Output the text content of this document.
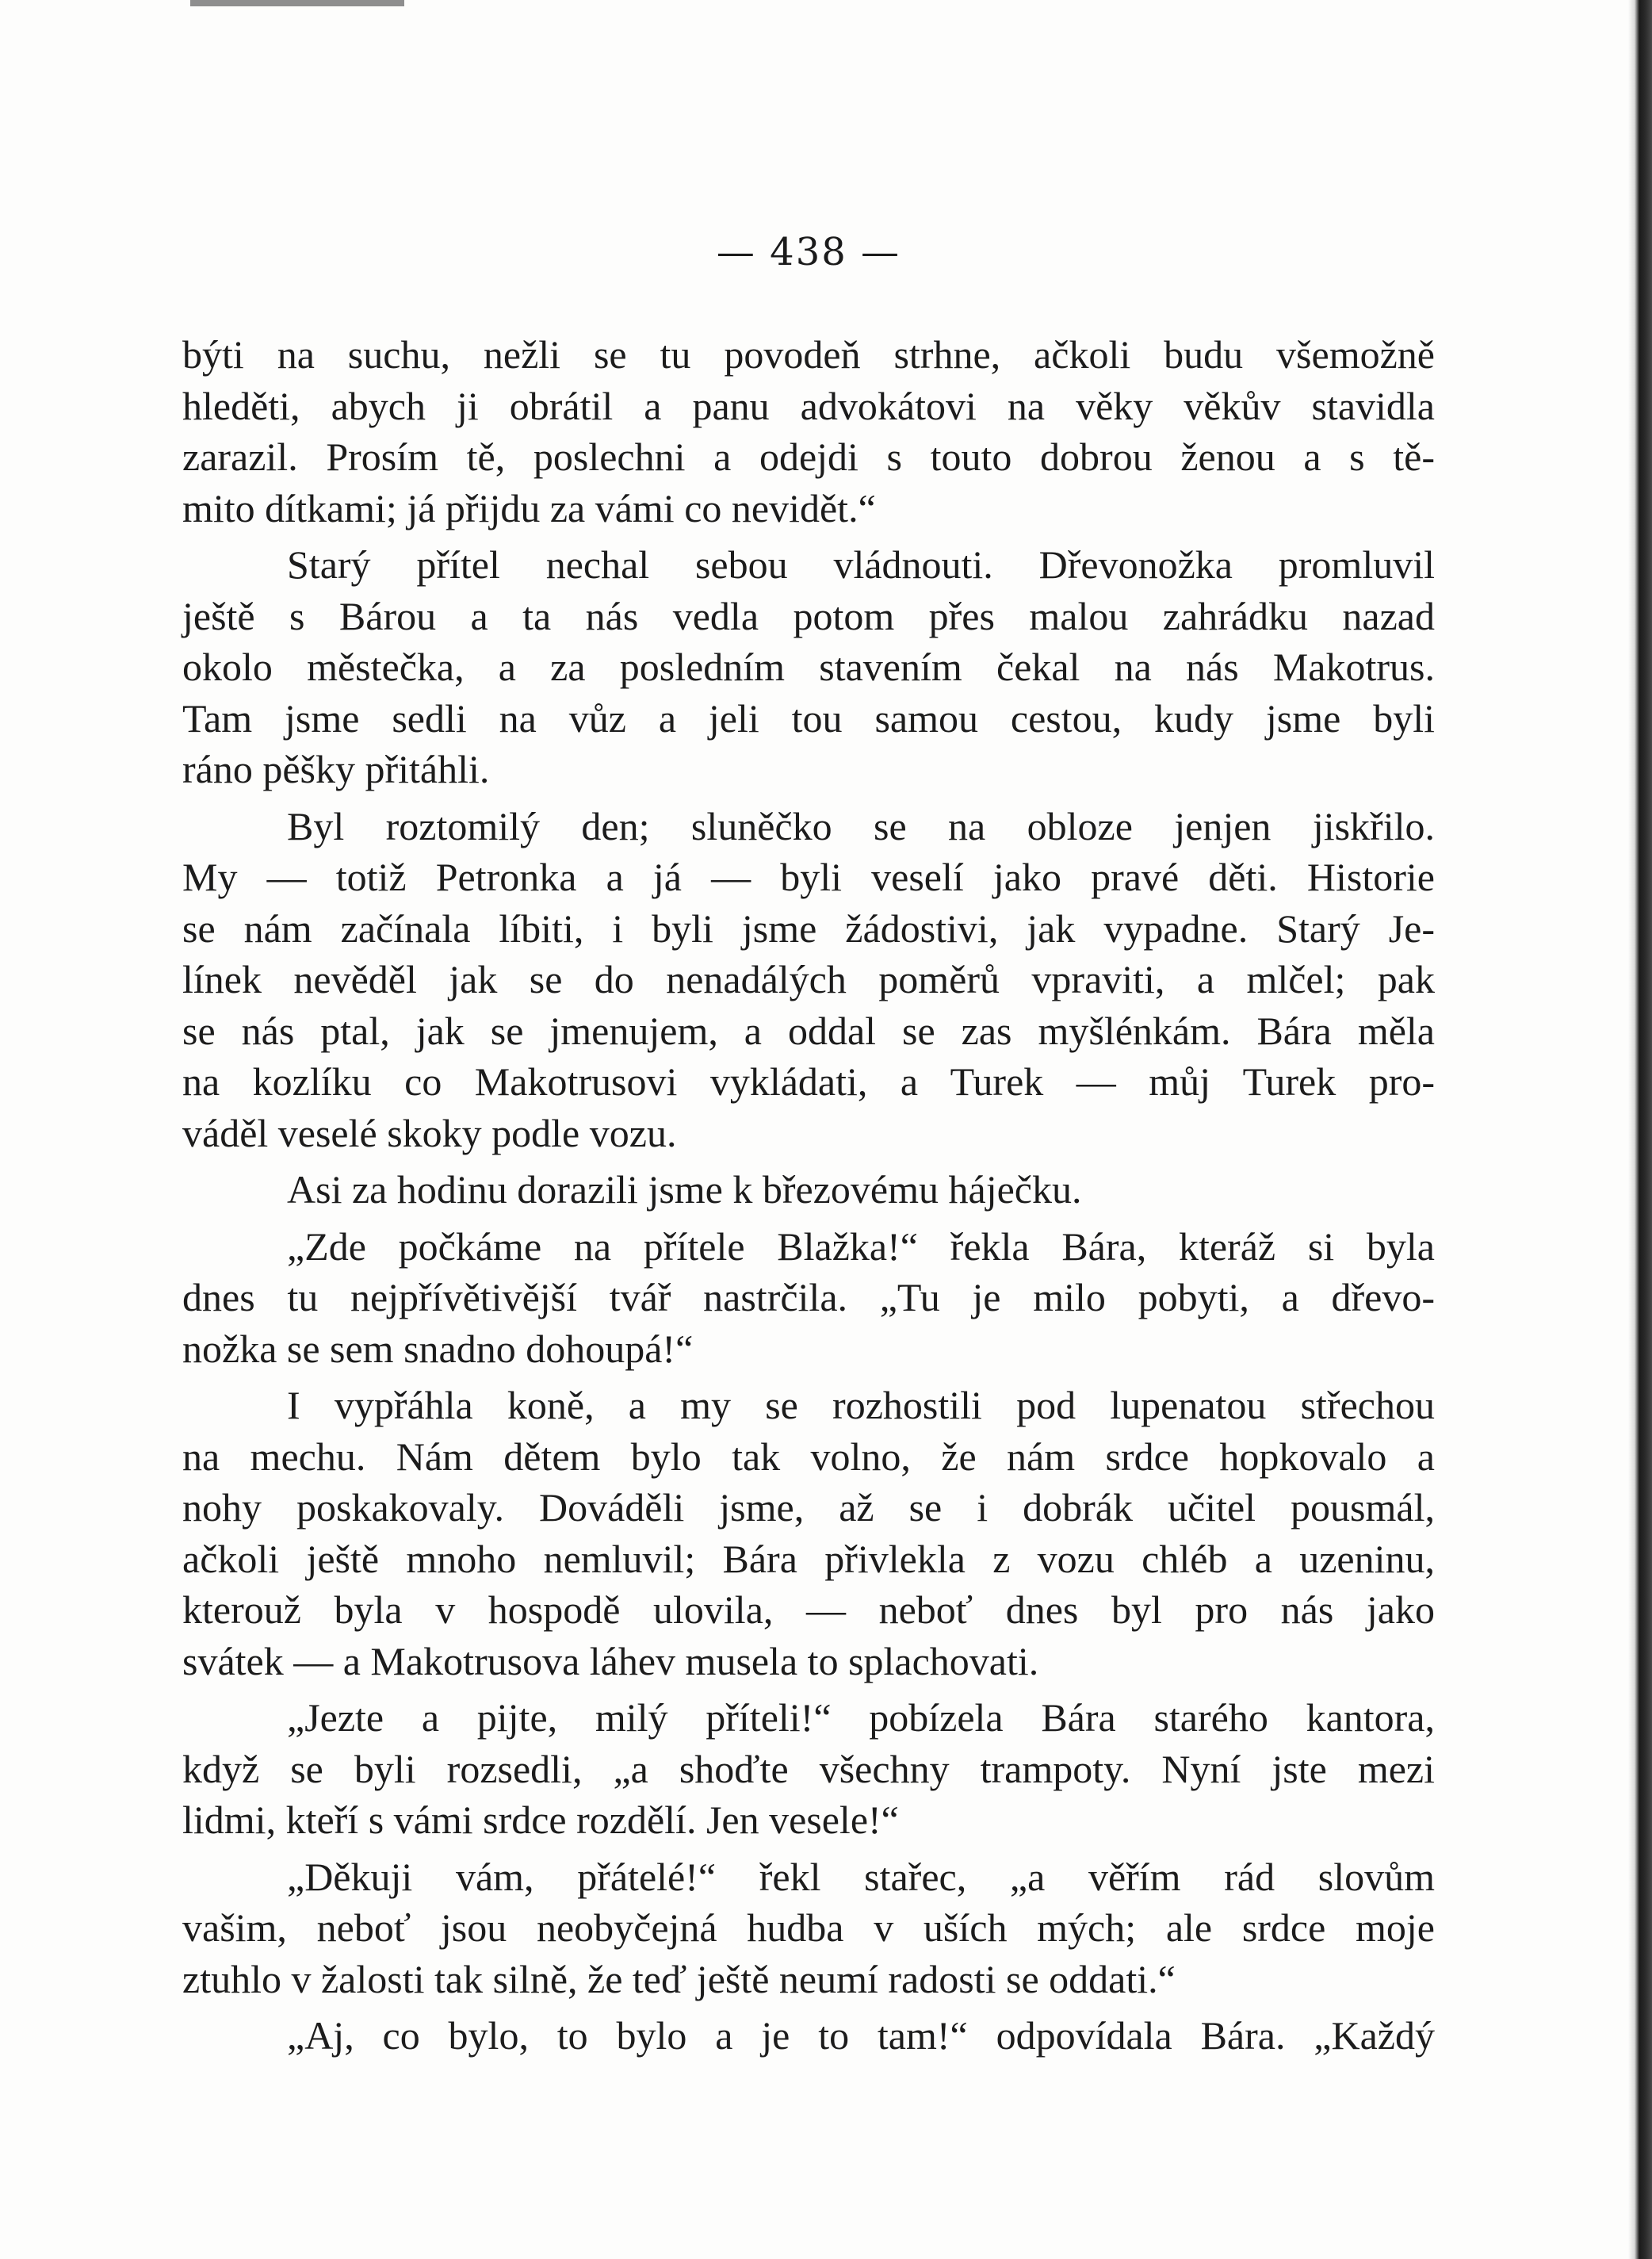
— 438 —
býti na suchu, nežli se tu povodeň strhne, ačkoli budu všemožně
hleděti, abych ji obrátil a panu advokátovi na věky věkův stavidla
zarazil. Prosím tě, poslechni a odejdi s touto dobrou ženou a s tě-
mito dítkami; já přijdu za vámi co nevidět.“
Starý přítel nechal sebou vládnouti. Dřevonožka promluvil
ještě s Bárou a ta nás vedla potom přes malou zahrádku nazad
okolo městečka, a za posledním stavením čekal na nás Makotrus.
Tam jsme sedli na vůz a jeli tou samou cestou, kudy jsme byli
ráno pěšky přitáhli.
Byl roztomilý den; sluněčko se na obloze jenjen jiskřilo.
My — totiž Petronka a já — byli veselí jako pravé děti. Historie
se nám začínala líbiti, i byli jsme žádostivi, jak vypadne. Starý Je-
línek nevěděl jak se do nenadálých poměrů vpraviti, a mlčel; pak
se nás ptal, jak se jmenujem, a oddal se zas myšlénkám. Bára měla
na kozlíku co Makotrusovi vykládati, a Turek — můj Turek pro-
váděl veselé skoky podle vozu.
Asi za hodinu dorazili jsme k březovému háječku.
„Zde počkáme na přítele Blažka!“ řekla Bára, kteráž si byla
dnes tu nejpřívětivější tvář nastrčila. „Tu je milo pobyti, a dřevo-
nožka se sem snadno dohoupá!“
I vypřáhla koně, a my se rozhostili pod lupenatou střechou
na mechu. Nám dětem bylo tak volno, že nám srdce hopkovalo a
nohy poskakovaly. Dováděli jsme, až se i dobrák učitel pousmál,
ačkoli ještě mnoho nemluvil; Bára přivlekla z vozu chléb a uzeninu,
kterouž byla v hospodě ulovila, — neboť dnes byl pro nás jako
svátek — a Makotrusova láhev musela to splachovati.
„Jezte a pijte, milý příteli!“ pobízela Bára starého kantora,
když se byli rozsedli, „a shoďte všechny trampoty. Nyní jste mezi
lidmi, kteří s vámi srdce rozdělí. Jen vesele!“
„Děkuji vám, přátelé!“ řekl stařec, „a věřím rád slovům
vašim, neboť jsou neobyčejná hudba v uších mých; ale srdce moje
ztuhlo v žalosti tak silně, že teď ještě neumí radosti se oddati.“
„Aj, co bylo, to bylo a je to tam!“ odpovídala Bára. „Každý
